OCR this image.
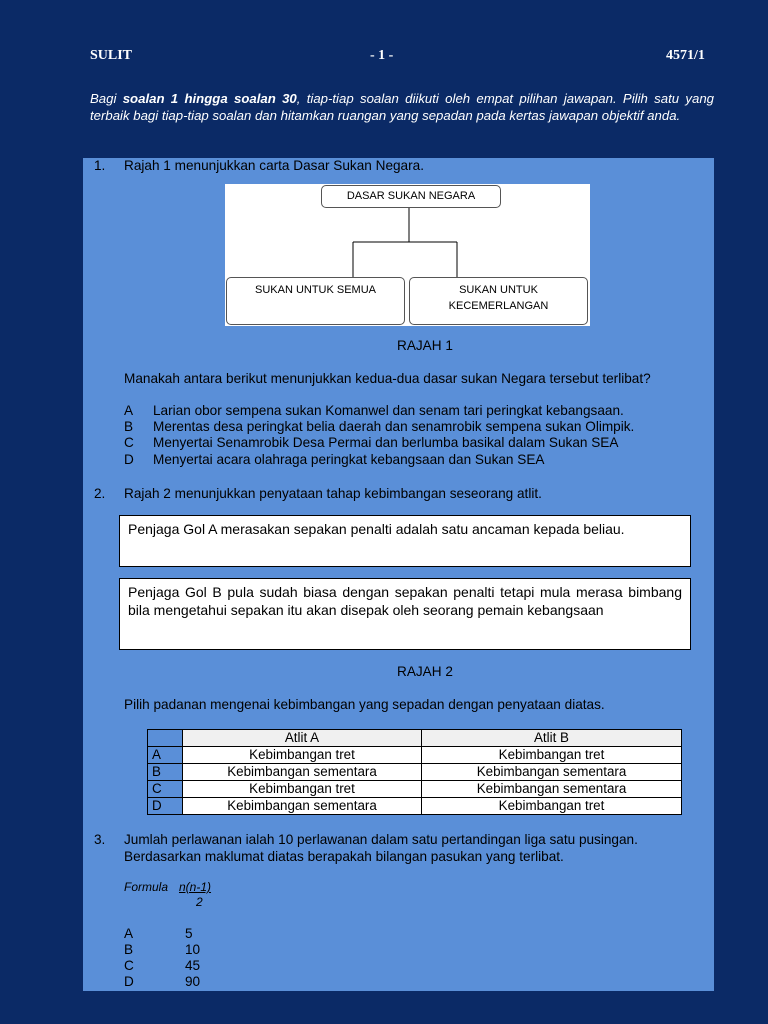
SULIT	- 1 -	4571/1
Bagi soalan 1 hingga soalan 30, tiap-tiap soalan diikuti oleh empat pilihan jawapan. Pilih satu yang terbaik bagi tiap-tiap soalan dan hitamkan ruangan yang sepadan pada kertas jawapan objektif anda.
1. Rajah 1 menunjukkan carta Dasar Sukan Negara.
DASAR SUKAN NEGARA
SUKAN UNTUK SEMUA	SUKAN UNTUK
KECEMERLANGAN
RAJAH 1
Manakah antara berikut menunjukkan kedua-dua dasar sukan Negara tersebut terlibat?
A Larian obor sempena sukan Komanwel dan senam tari peringkat kebangsaan.
B Merentas desa peringkat belia daerah dan senamrobik sempena sukan Olimpik.
C Menyertai Senamrobik Desa Permai dan berlumba basikal dalam Sukan SEA
D Menyertai acara olahraga peringkat kebangsaan dan Sukan SEA
2. Rajah 2 menunjukkan penyataan tahap kebimbangan seseorang atlit.
Penjaga Gol A merasakan sepakan penalti adalah satu ancaman kepada beliau.
Penjaga Gol B pula sudah biasa dengan sepakan penalti tetapi mula merasa bimbang bila mengetahui sepakan itu akan disepak oleh seorang pemain kebangsaan
RAJAH 2
Pilih padanan mengenai kebimbangan yang sepadan dengan penyataan diatas.
	Atlit A	Atlit B
A	Kebimbangan tret	Kebimbangan tret
B	Kebimbangan sementara	Kebimbangan sementara
C	Kebimbangan tret	Kebimbangan sementara
D	Kebimbangan sementara	Kebimbangan tret
3. Jumlah perlawanan ialah 10 perlawanan dalam satu pertandingan liga satu pusingan.
Berdasarkan maklumat diatas berapakah bilangan pasukan yang terlibat.
Formula n(n-1)
2
A	5
B	10
C	45
D	90
